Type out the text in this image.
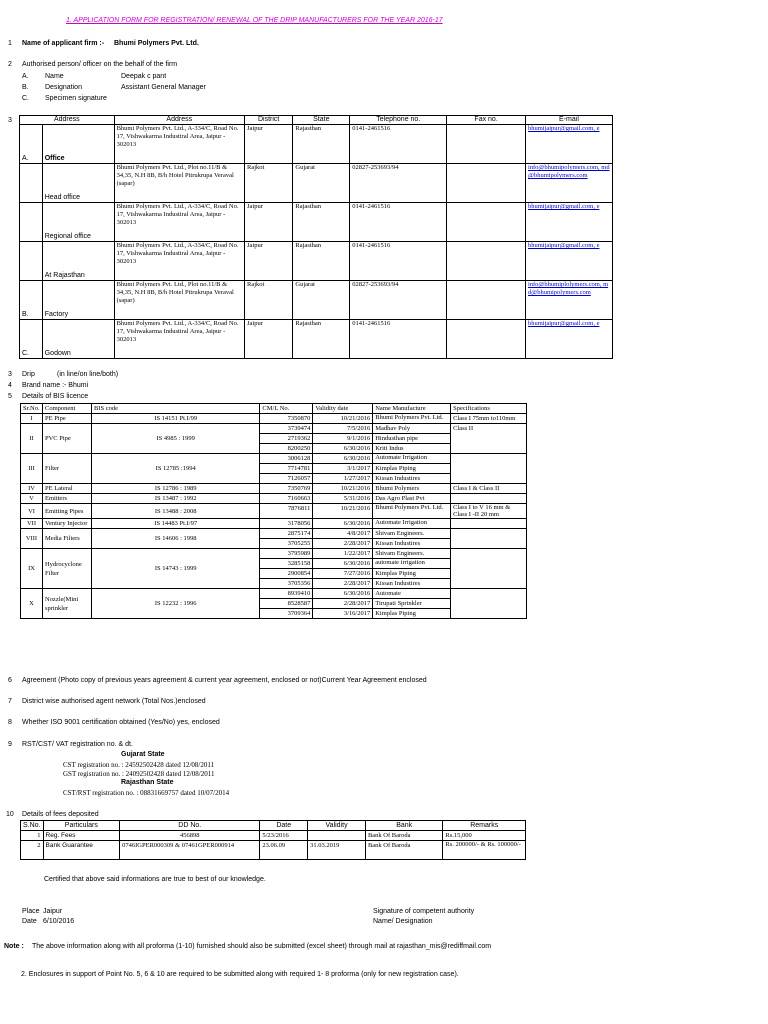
1. APPLICATION FORM FOR REGISTRATION/ RENEWAL OF THE DRIP MANUFACTURERS FOR THE YEAR 2016-17
1 Name of applicant firm :- Bhumi Polymers Pvt. Ltd.
2 Authorised person/ officer on the behalf of the firm
A. Name	Deepak c pant
B. Designation	Assistant General Manager
C. Specimen signature
3	Address		Address	District	State	Telephone no.	Fax no.	E-mail
A.	Office	Bhumi Polymers Pvt. Ltd., A-334/C, Road No. 17, Vishwakarma Industiral Area, Jaipur - 302013	Jaipur	Rajasthan	0141-2461516		bhumijaipur@gmail.com, e

	Head office	Bhumi Polymers Pvt. Ltd., Plot no.11/B & 34,35, N.H 8B, B/h Hotel Pitrukrupa Veraval (sapar)	Rajkot	Gujarat	02827-253693/94		info@bhumipolymers.com, md@bhumipolymers.com

	Regional office	Bhumi Polymers Pvt. Ltd., A-334/C, Road No. 17, Vishwakarma Industiral Area, Jaipur - 302013	Jaipur	Rajasthan	0141-2461516		bhumijaipur@gmail.com, e

	At Rajasthan	Bhumi Polymers Pvt. Ltd., A-334/C, Road No. 17, Vishwakarma Industiral Area, Jaipur - 302013	Jaipur	Rajasthan	0141-2461516		bhumijaipur@gmail.com, e

B.	Factory	Bhumi Polymers Pvt. Ltd., Plot no.11/B & 34,35, N.H 8B, B/h Hotel Pitrukrupa Veraval (sapar)	Rajkot	Gujarat	02827-253693/94		info@bhumiplolymers.com, md@bhumipolymers.com

C.	Godown	Bhumi Polymers Pvt. Ltd., A-334/C, Road No. 17, Vishwakarma Industiral Area, Jaipur - 302013	Jaipur	Rajasthan	0141-2461516		bhumijaipur@gmail.com, e
3 Drip	(in line/on line/both)
4 Brand name :- Bhumi
5 Details of BIS licence
Sr.No.	Component	BIS code	CM/L No.	Validity date	Name Manufacture	Specifications
I	PE Pipe	IS 14151 Pt.I/99	7350870	10/21/2016	Bhumi Polymers Pvt. Ltd.	Class I 75mm to110mm
II	PVC Pipe	IS 4985 : 1999	3739474	7/5/2016	Madhav Poly	Class II
			2719362	9/1/2016	Hindusthan pipe	
			8200250	6/30/2016	Kriti Indus	
III	Filter	IS 12785 :1994	3006128	6/30/2016	Automate Irrigation	
			7714781	3/1/2017	Kimplas Piping	
			7126057	1/27/2017	Kissan Industires	
IV	PE Lateral	IS 12786 : 1989	7350769	10/21/2016	Bhumi Polymers	Class I & Class II
V	Emitters	IS 13487 : 1992	7160663	5/31/2016	Das Agro Plast Pvt	
VI	Emitting Pipes	IS 13488 : 2008	7876811	10/21/2016	Bhumi Polymers Pvt. Ltd.	Class I to V 16 mm & Class I -II 20 mm
VII	Ventury Injector	IS 14483 Pt.I/97	3178056	6/30/2016	Automate Irrigation	
VIII	Media Filters	IS 14606 : 1998	2875174	4/8/2017	Shivam Engineers.	
			3705255	2/28/2017	Kissan Industires	
IX	Hydrocyclone Filter	IS 14743 : 1999	3795989	1/22/2017	Shivam Engineers.	
			3285158	6/30/2016	automate irrigation	
			2900854	7/27/2016	Kimplas Piping	
			3705356	2/28/2017	Kissan Industires	
X	Nozzle(Mini sprinkler	IS 12232 : 1996	8939410	6/30/2016	Automate	
			8528587	2/28/2017	Tirupati Sprinkler	
			3709364	3/16/2017	Kimplas Piping	
6 Agreement (Photo copy of previous years agreement & current year agreement, enclosed or not)Current Year Agreement enclosed
7 District wise authorised agent network (Total Nos.)enclosed
8 Whether ISO 9001 certification obtained (Yes/No) yes, enclosed
9 RST/CST/ VAT registration no. & dt.
Gujarat State
CST registration no. : 24592502428 dated 12/08/2011
GST registration no. : 24092502428 dated 12/08/2011
Rajasthan State
CST/RST registration no. : 08831669757 dated 10/07/2014
10 Details of fees deposited
S.No.	Particulars	DD No.	Date	Validity	Bank	Remarks
1	Reg. Fees	456898	5/23/2016		Bank Of Baroda	Rs.15,000
2	Bank Guarantee	0746IGPER000309 & 07461GPER000914	23.06.09	31.03.2019	Bank Of Baroda	Rs. 200000/- & Rs. 100000/-
Certified that above said informations are true to best of our knowledge.
Place Jaipur
Date 6/10/2016
Signature of competent authority
Name/ Designation
Note : The above information along with all proforma (1-10) furnished should also be submitted (excel sheet) through mail at rajasthan_mis@rediffmail.com
2. Enclosures in support of Point No. 5, 6 & 10 are required to be submitted along with required 1- 8 proforma (only for new registration case).
